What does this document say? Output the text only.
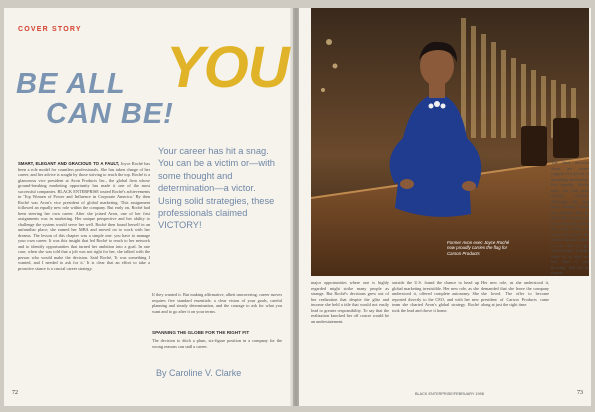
COVER STORY
YOU
BE ALL
CAN BE!
Your career has hit a snag. You can be a victim or—with some thought and determination—a victor. Using solid strategies, these professionals claimed VICTORY!
SMART, ELEGANT AND GRACIOUS TO A FAULT, Joyce Roché has been a role model for countless professionals. She has taken charge of her career, and her advice is sought by those striving to reach the top. Roché is a glamorous vice president at Avon Products Inc., the global firm whose ground-breaking marketing opportunity has made it one of the most successful companies. BLACK ENTERPRISE touted Roché's achievements in 'Top Women of Power and Influence in Corporate America.' By then Roché was Avon's vice president of global marketing. This assignment followed an equally new role within the company. But early on, Roché had been steering her own career. After she joined Avon, one of her first assignments was in marketing. Her unique perspective and her ability to challenge the system would serve her well. Roché then found herself in an unfamiliar place; she earned her MBA and moved on to work with her dreams. The lesson of this chapter was a simple one: you have to manage your own career. It was this insight that led Roché to reach to her network and to identify opportunities that turned her ambition into a goal. In one case, when she was told that a job was not right for her, she talked with the person who would make the decision. Said Roché, 'It was something I wanted, and I needed to ask for it.' It is clear that an effort to take a proactive stance is a crucial career strategy.
If they wanted it. But making affirmative, albeit unwavering, career moves requires five standard essentials: a clear vision of your goals, careful planning and steady determination, and the courage to ask for what you want and to go after it on your terms.
SPANNING THE GLOBE FOR THE RIGHT FIT
The decision to ditch a plum, six-figure position in a company for the wrong reasons can stall a career.
By Caroline V. Clarke
72
Former Avon exec Joyce Roché now proudly carries the flag for Carson Products
The final decision about her career capped off a period of mounting uncertainty. For months, Roché says, she had been feeling restless. Although she had risen steadily within the company, the role she really wanted was not on the table. Once she took stock of where she stood, the answer became clear: it was time to go. Said Roché, 'I didn't want to sit and not feel like I was growing.' She has no regrets.
major opportunities where one is highly regarded might strike many people as strange. But Roché's decisions grew out of her realization that despite the glitz and income she held a title that would not easily lead to greater responsibility. To say that the realization knocked her off course would be an understatement.
outside the U.S. found the chance to head up global marketing irresistible. Her new role, as she understood it, offered complete autonomy. She reported directly to the CEO, and with her new team she charted Avon's global strategy. Roché took the lead and drove it home.
Her new role, as she understood it, demanded that she leave the company she loved. The offer to become president of Carson Products came along at just the right time.
BLACK ENTERPRISE/FEBRUARY 1998	73
